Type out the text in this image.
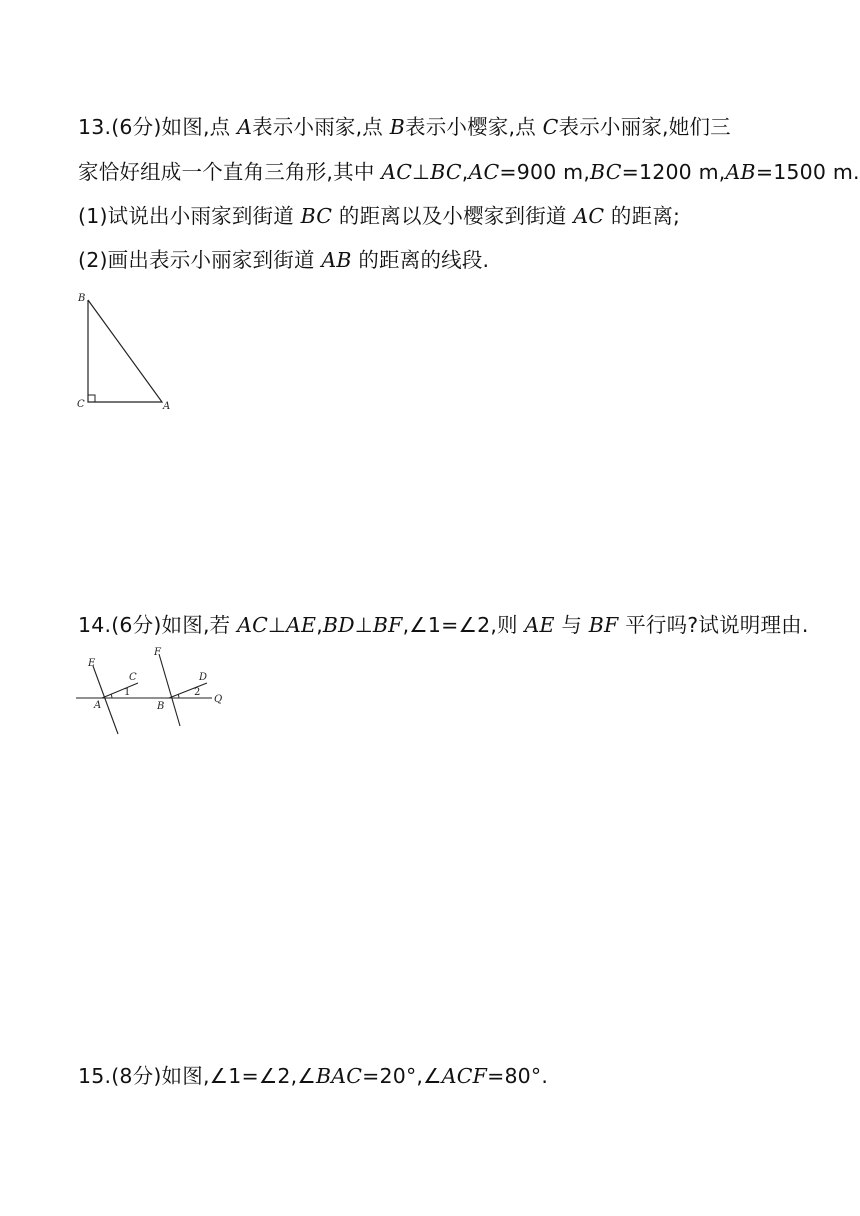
13.(6分)如图,点 A表示小雨家,点 B表示小樱家,点 C表示小丽家,她们三
家恰好组成一个直角三角形,其中 AC⊥BC,AC=900 m,BC=1200 m,AB=1500 m.
(1)试说出小雨家到街道 BC 的距离以及小樱家到街道 AC 的距离;
(2)画出表示小丽家到街道 AB 的距离的线段.
B
C	A
14.(6分)如图,若 AC⊥AE,BD⊥BF,∠1=∠2,则 AE 与 BF 平行吗?试说明理由.
E
C
A
F
D
B
Q
1	2
15.(8分)如图,∠1=∠2,∠BAC=20°,∠ACF=80°.
